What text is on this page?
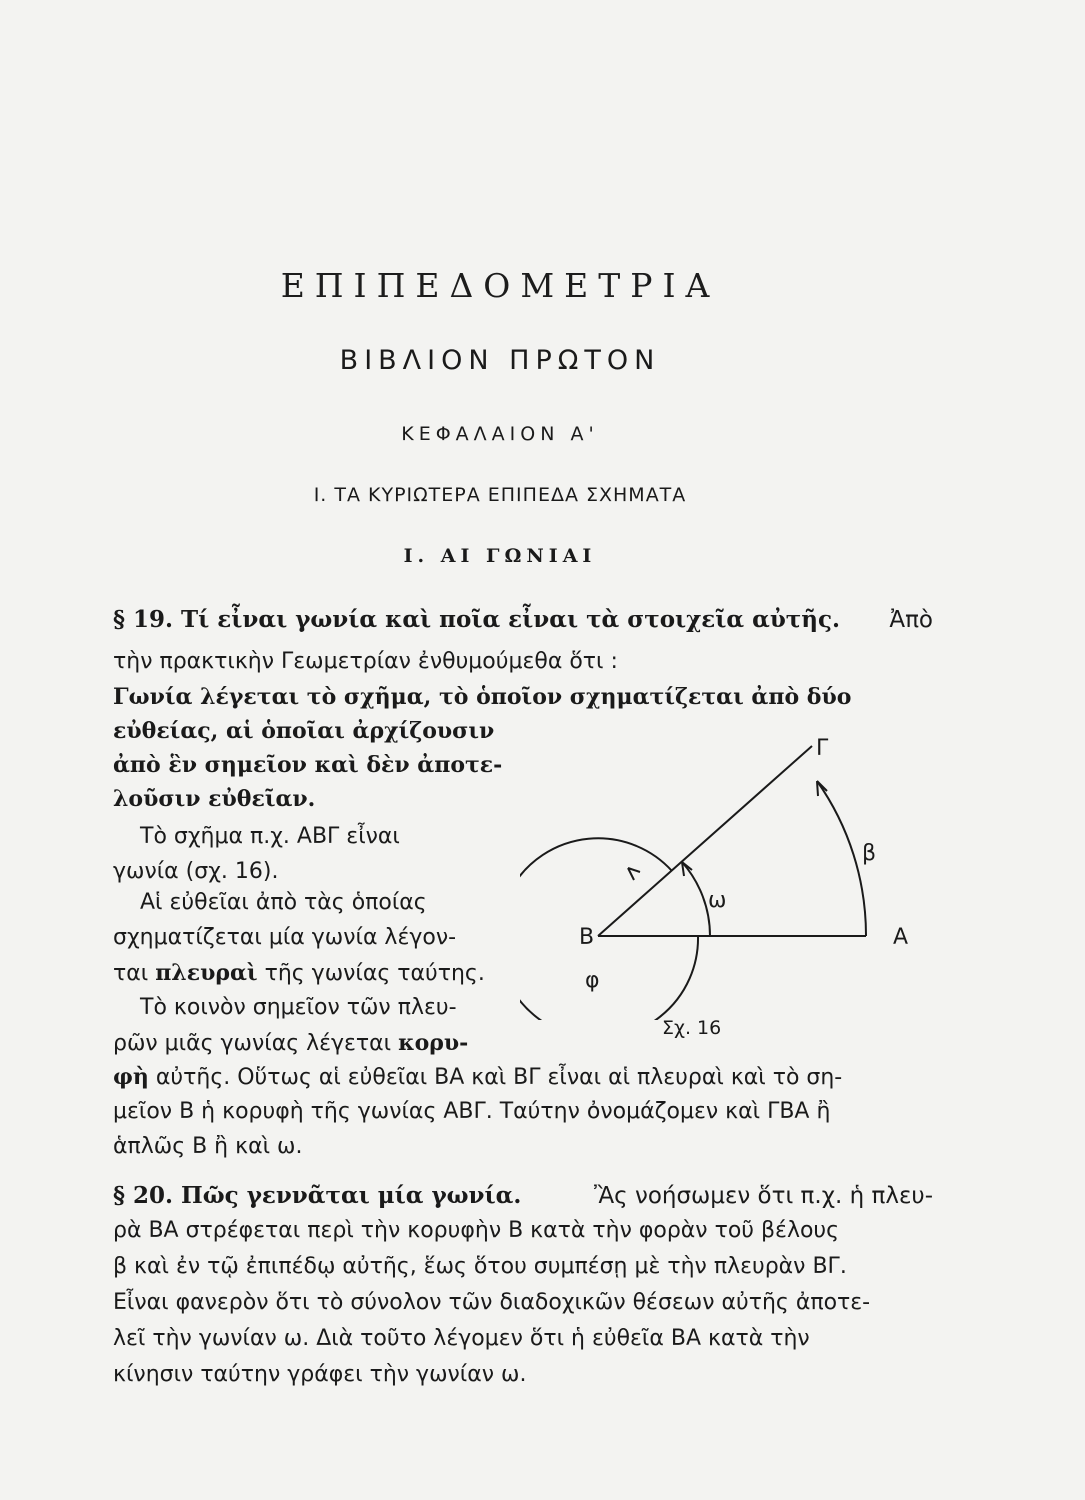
ΕΠΙΠΕΔΟΜΕΤΡΙΑ
ΒΙΒΛΙΟΝ ΠΡΩΤΟΝ
ΚΕΦΑΛΑΙΟΝ Α'
Ι. ΤΑ ΚΥΡΙΩΤΕΡΑ ΕΠΙΠΕΔΑ ΣΧΗΜΑΤΑ
Ι. ΑΙ ΓΩΝΙΑΙ
§ 19. Τί εἶναι γωνία καὶ ποῖα εἶναι τὰ στοιχεῖα αὐτῆς. Ἀπὸ
τὴν πρακτικὴν Γεωμετρίαν ἐνθυμούμεθα ὅτι :
Γωνία λέγεται τὸ σχῆμα, τὸ ὁποῖον σχηματίζεται ἀπὸ δύο
εὐθείας, αἱ ὁποῖαι ἀρχίζουσιν
ἀπὸ ἓν σημεῖον καὶ δὲν ἀποτε-
λοῦσιν εὐθεῖαν.
Τὸ σχῆμα π.χ. ΑΒΓ εἶναι
γωνία (σχ. 16).
Αἱ εὐθεῖαι ἀπὸ τὰς ὁποίας
σχηματίζεται μία γωνία λέγον-
ται πλευραὶ τῆς γωνίας ταύτης.
Τὸ κοινὸν σημεῖον τῶν πλευ-
ρῶν μιᾶς γωνίας λέγεται κορυ-
φὴ αὐτῆς. Οὕτως αἱ εὐθεῖαι ΒΑ καὶ ΒΓ εἶναι αἱ πλευραὶ καὶ τὸ ση-
μεῖον Β ἡ κορυφὴ τῆς γωνίας ΑΒΓ. Ταύτην ὀνομάζομεν καὶ ΓΒΑ ἢ
ἁπλῶς Β ἢ καὶ ω.
§ 20. Πῶς γεννᾶται μία γωνία.	Ἂς νοήσωμεν ὅτι π.χ. ἡ πλευ-
ρὰ ΒΑ στρέφεται περὶ τὴν κορυφὴν Β κατὰ τὴν φορὰν τοῦ βέλους
β καὶ ἐν τῷ ἐπιπέδῳ αὐτῆς, ἕως ὅτου συμπέσῃ μὲ τὴν πλευρὰν ΒΓ.
Εἶναι φανερὸν ὅτι τὸ σύνολον τῶν διαδοχικῶν θέσεων αὐτῆς ἀποτε-
λεῖ τὴν γωνίαν ω. Διὰ τοῦτο λέγομεν ὅτι ἡ εὐθεῖα ΒΑ κατὰ τὴν
κίνησιν ταύτην γράφει τὴν γωνίαν ω.
Β	Α
Γ
ω
φ
β
Σχ. 16
